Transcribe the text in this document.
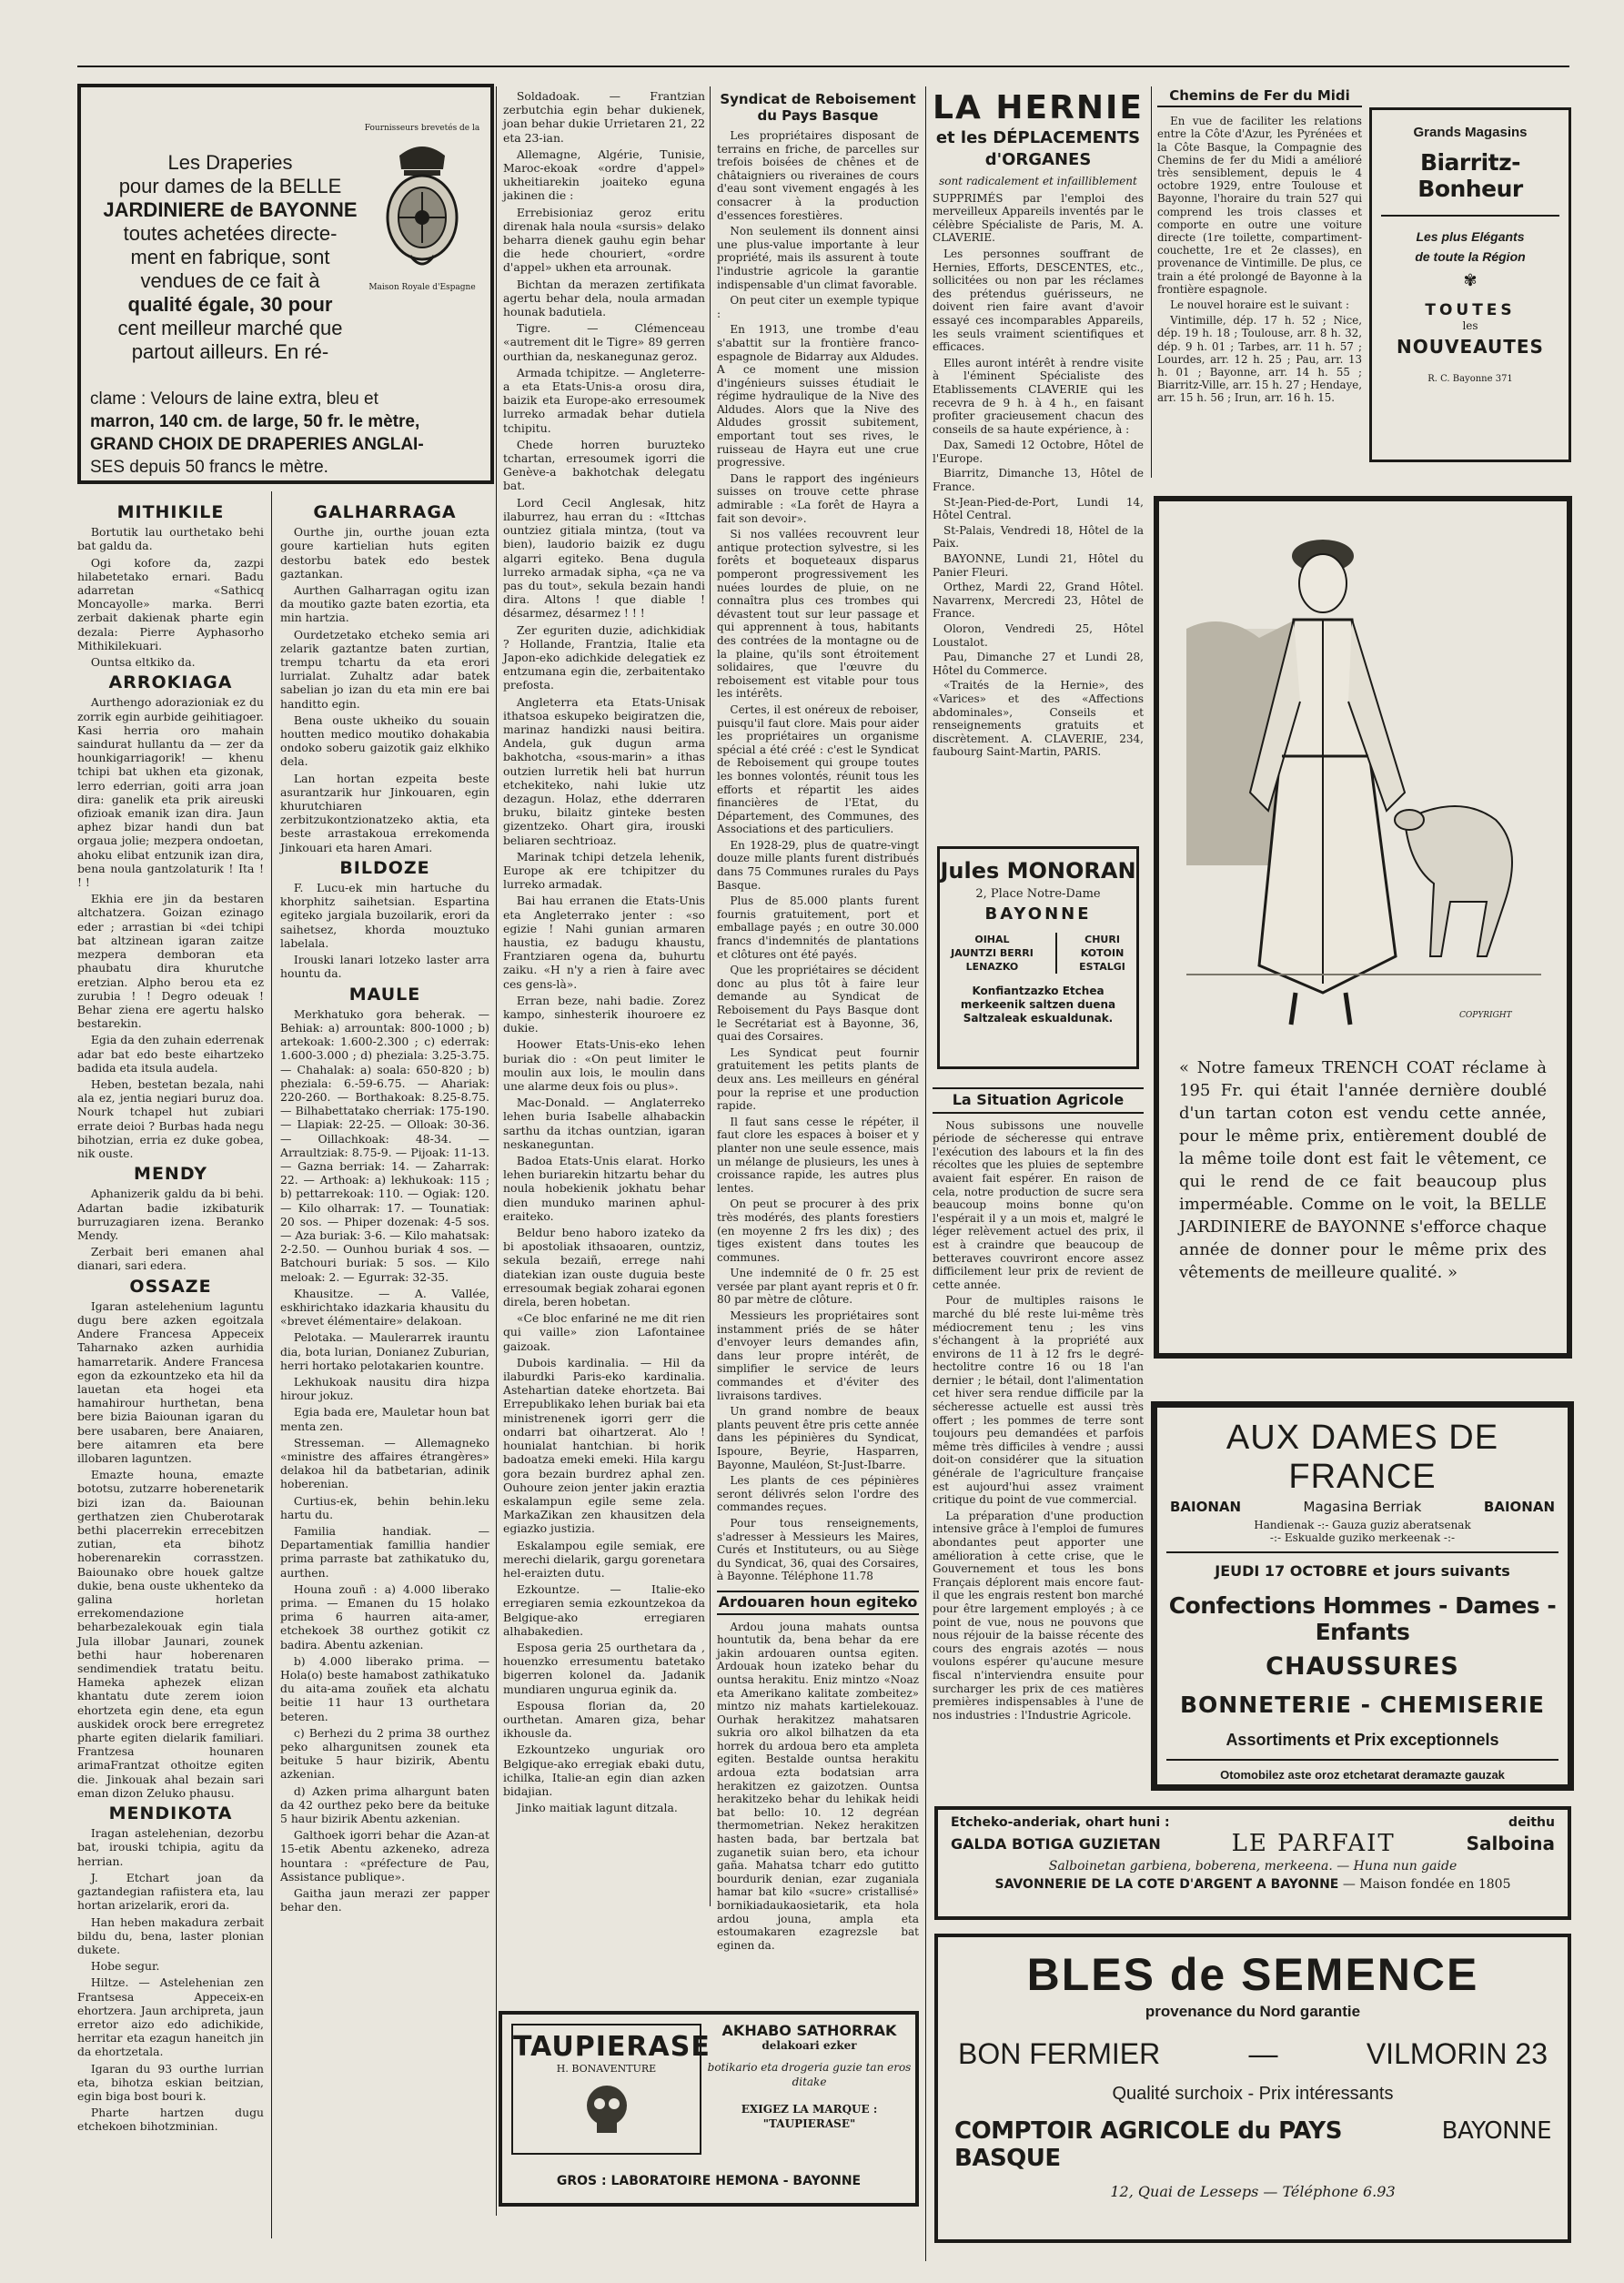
Fournisseurs brevetés de la
Maison Royale d'Espagne

Les Draperies

pour dames de la BELLE

JARDINIERE de BAYONNE

toutes achetées directe-

ment en fabrique, sont

vendues de ce fait à

qualité égale, 30 pour

cent meilleur marché que

partout ailleurs. En ré-

clame : Velours de laine extra, bleu et

marron, 140 cm. de large, 50 fr. le mètre,

GRAND CHOIX DE DRAPERIES ANGLAI-

SES depuis 50 francs le mètre.

MITHIKILE

Bortutik lau ourthetako behi bat galdu da.

Ogi kofore da, zazpi hilabetetako ernari. Badu adarretan «Sathicq Moncayolle» marka. Berri zerbait dakienak pharte egin dezala: Pierre Ayphasorho Mithikilekuari.

Ountsa eltkiko da.

ARROKIAGA

Aurthengo adorazioniak ez du zorrik egin aurbide geihitiagoer. Kasi herria oro mahain saindurat hullantu da — zer da hounkigarriagorik! — khenu tchipi bat ukhen eta gizonak, lerro ederrian, goiti arra joan dira: ganelik eta prik aireuski ofizioak emanik izan dira. Jaun aphez bizar handi dun bat orgaua jolie; mezpera ondoetan, ahoku elibat entzunik izan dira, bena noula gantzolaturik ! Ita ! ! !

Ekhia ere jin da bestaren altchatzera. Goizan ezinago eder ; arrastian bi «dei tchipi bat altzinean igaran zaitze mezpera demboran eta phaubatu dira khurutche eretzian. Alpho berou eta ez zurubia ! ! Degro odeuak ! Behar ziena ere agertu halsko bestarekin.

Egia da den zuhain ederrenak adar bat edo beste eihartzeko badida eta itsula audela.

Heben, bestetan bezala, nahi ala ez, jentia negiari buruz doa. Nourk tchapel hut zubiari errate deioi ? Burbas hada negu bihotzian, erria ez duke gobea, nik ouste.

MENDY

Aphanizerik galdu da bi behi. Adartan badie izkibaturik burruzagiaren izena. Beranko Mendy.

Zerbait beri emanen ahal dianari, sari edera.

OSSAZE

Igaran astelehenium laguntu dugu bere azken egoitzala Andere Francesa Appeceix Taharnako azken aurhidia hamarretarik. Andere Francesa egon da ezkountzeko eta hil da lauetan eta hogei eta hamahirour hurthetan, bena bere bizia Baiounan igaran du bere usabaren, bere Anaiaren, bere aitamren eta bere illobaren laguntzen.

Emazte houna, emazte bototsu, zutzarre hoberenetarik bizi izan da. Baiounan gerthatzen zien Chuberotarak bethi placerrekin errecebitzen zutian, eta bihotz hoberenarekin corrasstzen. Baiounako obre houek galtze dukie, bena ouste ukhenteko da galina horletan errekomendazione beharbezalekouak egin tiala Jula illobar Jaunari, zounek bethi haur hoberenaren sendimendiek tratatu beitu. Hameka aphezek elizan khantatu dute zerem ioion ehortzeta egin dene, eta egun auskidek orock bere erregretez pharte egiten dielarik familiari. Frantzesa hounaren arimaFrantzat othoitze egiten die. Jinkouak ahal bezain sari eman dizon Zeluko phausu.

MENDIKOTA

Iragan astelehenian, dezorbu bat, irouski tchipia, agitu da herrian.

J. Etchart joan da gaztandegian rafiistera eta, lau hortan arizelarik, erori da.

Han heben makadura zerbait bildu du, bena, laster plonian dukete.

Hobe segur.

Hiltze. — Astelehenian zen Frantsesa Appeceix-en ehortzera. Jaun archipreta, jaun erretor aizo edo adichikide, herritar eta ezagun haneitch jin da ehortzetala.

Igaran du 93 ourthe lurrian eta, bihotza eskian beitzian, egin biga bost bouri k.

Pharte hartzen dugu etchekoen bihotzminian.

GALHARRAGA

Ourthe jin, ourthe jouan ezta goure kartielian huts egiten destorbu batek edo bestek gaztankan.

Aurthen Galharragan ogitu izan da moutiko gazte baten ezortia, eta min hartzia.

Ourdetzetako etcheko semia ari zelarik gaztantze baten zurtian, trempu tchartu da eta erori lurrialat. Zuhaltz adar batek sabelian jo izan du eta min ere bai handitto egin.

Bena ouste ukheiko du souain houtten medico moutiko dohakabia ondoko soberu gaizotik gaiz elkhiko dela.

Lan hortan ezpeita beste asurantzarik hur Jinkouaren, egin khurutchiaren zerbitzukontzionatzeko aktia, eta beste arrastakoua errekomenda Jinkouari eta haren Amari.

BILDOZE

F. Lucu-ek min hartuche du khorphitz saihetsian. Espartina egiteko jargiala buzoilarik, erori da saihetsez, khorda mouztuko labelala.

Irouski lanari lotzeko laster arra hountu da.

MAULE

Merkhatuko gora beherak. — Behiak: a) arrountak: 800-1000 ; b) artekoak: 1.600-2.300 ; c) ederrak: 1.600-3.000 ; d) pheziala: 3.25-3.75. — Chahalak: a) soala: 650-820 ; b) pheziala: 6.-59-6.75. — Ahariak: 220-260. — Borthakoak: 8.25-8.75. — Bilhabettatako cherriak: 175-190. — Llapiak: 22-25. — Olloak: 30-36. — Oillachkoak: 48-34. — Arraultziak: 8.75-9. — Pijoak: 11-13. — Gazna berriak: 14. — Zaharrak: 22. — Arthoak: a) lekhukoak: 115 ; b) pettarrekoak: 110. — Ogiak: 120. — Kilo olharrak: 17. — Tounatiak: 20 sos. — Phiper dozenak: 4-5 sos. — Aza buriak: 3-6. — Kilo mahatsak: 2-2.50. — Ounhou buriak 4 sos. — Batchouri buriak: 5 sos. — Kilo meloak: 2. — Egurrak: 32-35.

Khausitze. — A. Vallée, eskhirichtako idazkaria khausitu du «brevet élémentaire» delakoan.

Pelotaka. — Maulerarrek irauntu dia, bota lurian, Donianez Zuburian, herri hortako pelotakarien kountre.

Lekhukoak nausitu dira hizpa hirour jokuz.

Egia bada ere, Mauletar houn bat menta zen.

Stresseman. — Allemagneko «ministre des affaires étrangères» delakoa hil da batbetarian, adinik hoberenian.

Curtius-ek, behin behin.leku hartu du.

Familia handiak. — Departamentiak famillia handier prima parraste bat zathikatuko du, aurthen.

Houna zouñ : a) 4.000 liberako prima. — Emanen du 15 holako prima 6 haurren aita-amer, etchekoek 38 ourthez gotikit cz badira. Abentu azkenian.

b) 4.000 liberako prima. — Hola(o) beste hamabost zathikatuko du aita-ama zouñek eta alchatu beitie 11 haur 13 ourthetara beteren.

c) Berhezi du 2 prima 38 ourthez peko alhargunitsen zounek eta beituke 5 haur bizirik, Abentu azkenian.

d) Azken prima alhargunt baten da 42 ourthez peko bere da beituke 5 haur bizirik Abentu azkenian.

Galthoek igorri behar die Azan-at 15-etik Abentu azkeneko, adreza hountara : «préfecture de Pau, Assistance publique».

Gaitha jaun merazi zer papper behar den.

Soldadoak. — Frantzian zerbutchia egin behar dukienek, joan behar dukie Urrietaren 21, 22 eta 23-ian.

Allemagne, Algérie, Tunisie, Maroc-ekoak «ordre d'appel» ukheitiarekin joaiteko eguna jakinen die :

Errebisioniaz geroz eritu direnak hala noula «sursis» delako beharra dienek gauhu egin behar die hede chouriert, «ordre d'appel» ukhen eta arrounak.

Bichtan da merazen zertifikata agertu behar dela, noula armadan hounak badutiela.

Tigre. — Clémenceau «autrement dit le Tigre» 89 gerren ourthian da, neskanegunaz geroz.

Armada tchipitze. — Angleterre-a eta Etats-Unis-a orosu dira, baizik eta Europe-ako erresoumek lurreko armadak behar dutiela tchipitu.

Chede horren buruzteko tchartan, erresoumek igorri die Genève-a bakhotchak delegatu bat.

Lord Cecil Anglesak, hitz ilaburrez, hau erran du : «Ittchas ountziez gitiala mintza, (tout va bien), laudorio baizik ez dugu algarri egiteko. Bena dugula lurreko armadak sipha, «ça ne va pas du tout», sekula bezain handi dira. Altons ! que diable ! désarmez, désarmez ! ! !

Zer eguriten duzie, adichkidiak ? Hollande, Frantzia, Italie eta Japon-eko adichkide delegatiek ez entzumana egin die, zerbaitentako prefosta.

Angleterra eta Etats-Unisak ithatsoa eskupeko beigiratzen die, marinaz handizki nausi beitira. Andela, guk dugun arma bakhotcha, «sous-marin» a ithas outzien lurretik heli bat hurrun etchekiteko, nahi lukie utz dezagun. Holaz, ethe dderraren bruku, bilaitz ginteke besten gizentzeko. Ohart gira, irouski beliaren sechtrioaz.

Marinak tchipi detzela lehenik, Europe ak ere tchipitzer du lurreko armadak.

Bai hau erranen die Etats-Unis eta Angleterrako jenter : «so egizie ! Nahi gunian armaren haustia, ez badugu khaustu, Frantziaren ogena da, buhurtu zaiku. «H n'y a rien à faire avec ces gens-là».

Erran beze, nahi badie. Zorez kampo, sinhesterik ihouroere ez dukie.

Hoower Etats-Unis-eko lehen buriak dio : «On peut limiter le moulin aux lois, le moulin dans une alarme deux fois ou plus».

Mac-Donald. — Anglaterreko lehen buria Isabelle alhabackin sarthu da itchas ountzian, igaran neskaneguntan.

Badoa Etats-Unis elarat. Horko lehen buriarekin hitzartu behar du noula hobekienik jokhatu behar dien munduko marinen aphul-eraiteko.

Beldur beno haboro izateko da bi apostoliak ithsaoaren, ountziz, sekula bezaiñ, errege nahi diatekian izan ouste duguia beste erresoumak begiak zoharai egonen direla, beren hobetan.

«Ce bloc enfariné ne me dit rien qui vaille» zion Lafontainee gaizoak.

Dubois kardinalia. — Hil da ilaburdki Paris-eko kardinalia. Astehartian dateke ehortzeta. Bai Errepublikako lehen buriak bai eta ministrenenek igorri gerr die ondarri bat oihartzerat. Alo ! hounialat hantchian. bi horik badoatza emeki emeki. Hila kargu gora bezain burdrez aphal zen. Ouhoure zeion jenter jakin eraztia eskalampun egile seme zela. MarkaZikan zen khausitzen dela egiazko justizia.

Eskalampou egile semiak, ere merechi dielarik, gargu gorenetara hel-eraizten dutu.

Ezkountze. — Italie-eko erregiaren semia ezkountzekoa da Belgique-ako erregiaren alhabakedien.

Esposa geria 25 ourthetara da , houenzko erresumentu batetako bigerren kolonel da. Jadanik mundiaren ungurua eginik da.

Espousa florian da, 20 ourthetan. Amaren giza, behar ikhousle da.

Ezkountzeko unguriak oro Belgique-ako erregiak ebaki dutu, ichilka, Italie-an egin dian azken bidajian.

Jinko maitiak lagunt ditzala.

Syndicat de Reboisement
du Pays Basque

Les propriétaires disposant de terrains en friche, de parcelles sur trefois boisées de chênes et de châtaigniers ou riveraines de cours d'eau sont vivement engagés à les consacrer à la production d'essences forestières.

Non seulement ils donnent ainsi une plus-value importante à leur propriété, mais ils assurent à toute l'industrie agricole la garantie indispensable d'un climat favorable.

On peut citer un exemple typique :

En 1913, une trombe d'eau s'abattit sur la frontière franco-espagnole de Bidarray aux Aldudes. A ce moment une mission d'ingénieurs suisses étudiait le régime hydraulique de la Nive des Aldudes. Alors que la Nive des Aldudes grossit subitement, emportant tout ses rives, le ruisseau de Hayra eut une crue progressive.

Dans le rapport des ingénieurs suisses on trouve cette phrase admirable : «La forêt de Hayra a fait son devoir».

Si nos vallées recouvrent leur antique protection sylvestre, si les forêts et boqueteaux disparus pomperont progressivement les nuées lourdes de pluie, on ne connaîtra plus ces trombes qui dévastent tout sur leur passage et qui apprennent à tous, habitants des contrées de la montagne ou de la plaine, qu'ils sont étroitement solidaires, que l'œuvre du reboisement est vitable pour tous les intérêts.

Certes, il est onéreux de reboiser, puisqu'il faut clore. Mais pour aider les propriétaires un organisme spécial a été créé : c'est le Syndicat de Reboisement qui groupe toutes les bonnes volontés, réunit tous les efforts et répartit les aides financières de l'Etat, du Département, des Communes, des Associations et des particuliers.

En 1928-29, plus de quatre-vingt douze mille plants furent distribués dans 75 Communes rurales du Pays Basque.

Plus de 85.000 plants furent fournis gratuitement, port et emballage payés ; en outre 30.000 francs d'indemnités de plantations et clôtures ont été payés.

Que les propriétaires se décident donc au plus tôt à faire leur demande au Syndicat de Reboisement du Pays Basque dont le Secrétariat est à Bayonne, 36, quai des Corsaires.

Les Syndicat peut fournir gratuitement les petits plants de deux ans. Les meilleurs en général pour la reprise et une production rapide.

Il faut sans cesse le répéter, il faut clore les espaces à boiser et y planter non une seule essence, mais un mélange de plusieurs, les unes à croissance rapide, les autres plus lentes.

On peut se procurer à des prix très modérés, des plants forestiers (en moyenne 2 frs les dix) ; des tiges existent dans toutes les communes.

Une indemnité de 0 fr. 25 est versée par plant ayant repris et 0 fr. 80 par mètre de clôture.

Messieurs les propriétaires sont instamment priés de se hâter d'envoyer leurs demandes afin, dans leur propre intérêt, de simplifier le service de leurs commandes et d'éviter des livraisons tardives.

Un grand nombre de beaux plants peuvent être pris cette année dans les pépinières du Syndicat, Ispoure, Beyrie, Hasparren, Bayonne, Mauléon, St-Just-Ibarre.

Les plants de ces pépinières seront délivrés selon l'ordre des commandes reçues.

Pour tous renseignements, s'adresser à Messieurs les Maires, Curés et Instituteurs, ou au Siège du Syndicat, 36, quai des Corsaires, à Bayonne. Téléphone 11.78

Ardouaren houn egiteko

Ardou jouna mahats ountsa hountutik da, bena behar da ere jakin ardouaren ountsa egiten. Ardouak houn izateko behar du ountsa herakitu. Eniz mintzo «Noaz eta Amerikano kalitate zombeitez» mintzo niz mahats kartielekouaz. Ourhak herakitzez mahatsaren sukria oro alkol bilhatzen da eta horrek du ardoua bero eta ampleta egiten. Bestalde ountsa herakitu ardoua ezta bodatsian arra herakitzen ez gaizotzen. Ountsa herakitzeko behar du lehikak heidi bat bello: 10. 12 degréan thermometrian. Nekez herakitzen hasten bada, bar bertzala bat zuganetik suian bero, eta ichour gaña. Mahatsa tcharr edo gutitto bourdurik denian, ezar zuganiala hamar bat kilo «sucre» cristallisé» bornikiadaukaosietarik, eta hola ardou jouna, ampla eta estoumakaren ezagrezsle bat eginen da.

TAUPIERASE
H. BONAVENTURE
AKHABO SATHORRAK
delakoari ezker
botikario eta drogeria guzie tan eros ditake
EXIGEZ LA MARQUE :
"TAUPIERASE"
GROS : LABORATOIRE HEMONA - BAYONNE
LA HERNIE
et les DÉPLACEMENTS
d'ORGANES
sont radicalement et infailliblement

SUPPRIMÉS par l'emploi des merveilleux Appareils inventés par le célèbre Spécialiste de Paris, M. A. CLAVERIE.

Les personnes souffrant de Hernies, Efforts, DESCENTES, etc., sollicitées ou non par les réclames des prétendus guérisseurs, ne doivent rien faire avant d'avoir essayé ces incomparables Appareils, les seuls vraiment scientifiques et efficaces.

Elles auront intérêt à rendre visite à l'éminent Spécialiste des Etablissements CLAVERIE qui les recevra de 9 h. à 4 h., en faisant profiter gracieusement chacun des conseils de sa haute expérience, à :

Dax, Samedi 12 Octobre, Hôtel de l'Europe.

Biarritz, Dimanche 13, Hôtel de France.

St-Jean-Pied-de-Port, Lundi 14, Hôtel Central.

St-Palais, Vendredi 18, Hôtel de la Paix.

BAYONNE, Lundi 21, Hôtel du Panier Fleuri.

Orthez, Mardi 22, Grand Hôtel. Navarrenx, Mercredi 23, Hôtel de France.

Oloron, Vendredi 25, Hôtel Loustalot.

Pau, Dimanche 27 et Lundi 28, Hôtel du Commerce.

«Traités de la Hernie», des «Varices» et des «Affections abdominales», Conseils et renseignements gratuits et discrètement. A. CLAVERIE, 234, faubourg Saint-Martin, PARIS.

Jules MONORAN
2, Place Notre-Dame
BAYONNE
OIHAL
JAUNTZI BERRI
LENAZKO
CHURI
KOTOIN
ESTALGI
Konfiantzazko Etchea
merkeenik saltzen duena
Saltzaleak eskualdunak.
La Situation Agricole

Nous subissons une nouvelle période de sécheresse qui entrave l'exécution des labours et la fin des récoltes que les pluies de septembre avaient fait espérer. En raison de cela, notre production de sucre sera beaucoup moins bonne qu'on l'espérait il y a un mois et, malgré le léger relèvement actuel des prix, il est à craindre que beaucoup de betteraves couvriront encore assez difficilement leur prix de revient de cette année.

Pour de multiples raisons le marché du blé reste lui-même très médiocrement tenu ; les vins s'échangent à la propriété aux environs de 11 à 12 frs le degré-hectolitre contre 16 ou 18 l'an dernier ; le bétail, dont l'alimentation cet hiver sera rendue difficile par la sécheresse actuelle est aussi très offert ; les pommes de terre sont toujours peu demandées et parfois même très difficiles à vendre ; aussi doit-on considérer que la situation générale de l'agriculture française est aujourd'hui assez vraiment critique du point de vue commercial.

La préparation d'une production intensive grâce à l'emploi de fumures abondantes peut apporter une amélioration à cette crise, que le Gouvernement et tous les bons Français déplorent mais encore faut-il que les engrais restent bon marché pour être largement employés ; à ce point de vue, nous ne pouvons que nous réjouir de la baisse récente des cours des engrais azotés — nous voulons espérer qu'aucune mesure fiscal n'interviendra ensuite pour surcharger les prix de ces matières premières indispensables à l'une de nos industries : l'Industrie Agricole.

Chemins de Fer du Midi

En vue de faciliter les relations entre la Côte d'Azur, les Pyrénées et la Côte Basque, la Compagnie des Chemins de fer du Midi a amélioré très sensiblement, depuis le 4 octobre 1929, entre Toulouse et Bayonne, l'horaire du train 527 qui comprend les trois classes et comporte en outre une voiture directe (1re toilette, compartiment-couchette, 1re et 2e classes), en provenance de Vintimille. De plus, ce train a été prolongé de Bayonne à la frontière espagnole.

Le nouvel horaire est le suivant :

Vintimille, dép. 17 h. 52 ; Nice, dép. 19 h. 18 ; Toulouse, arr. 8 h. 32, dép. 9 h. 01 ; Tarbes, arr. 11 h. 57 ; Lourdes, arr. 12 h. 25 ; Pau, arr. 13 h. 01 ; Bayonne, arr. 14 h. 55 ; Biarritz-Ville, arr. 15 h. 27 ; Hendaye, arr. 15 h. 56 ; Irun, arr. 16 h. 15.

Grands Magasins
Biarritz-Bonheur
Les plus Elégants
de toute la Région
✾
TOUTES
les
NOUVEAUTES
R. C. Bayonne 371
COPYRIGHT
« Notre fameux TRENCH COAT réclame à 195 Fr. qui était l'année dernière doublé d'un tartan coton est vendu cette année, pour le même prix, entièrement doublé de la même toile dont est fait le vêtement, ce qui le rend de ce fait beaucoup plus imperméable. Comme on le voit, la BELLE JARDINIERE de BAYONNE s'efforce chaque année de donner pour le même prix des vêtements de meilleure qualité. »
AUX DAMES DE FRANCE
BAIONAN	Magasina Berriak	BAIONAN
Handienak -:- Gauza guziz aberatsenak
-:- Eskualde guziko merkeenak -:-
JEUDI 17 OCTOBRE et jours suivants
Confections Hommes - Dames - Enfants
CHAUSSURES
BONNETERIE - CHEMISERIE
Assortiments et Prix exceptionnels
Otomobilez aste oroz etchetarat deramazte gauzak
Etcheko-anderiak, ohart huni :	deithu
GALDA BOTIGA GUZIETAN	LE PARFAIT	Salboina
Salboinetan garbiena, boberena, merkeena. — Huna nun gaide
SAVONNERIE DE LA COTE D'ARGENT A BAYONNE — Maison fondée en 1805
BLES de SEMENCE
provenance du Nord garantie
BON FERMIER	—	VILMORIN 23
Qualité surchoix - Prix intéressants
COMPTOIR AGRICOLE du PAYS BASQUE
BAYONNE
12, Quai de Lesseps — Téléphone 6.93
